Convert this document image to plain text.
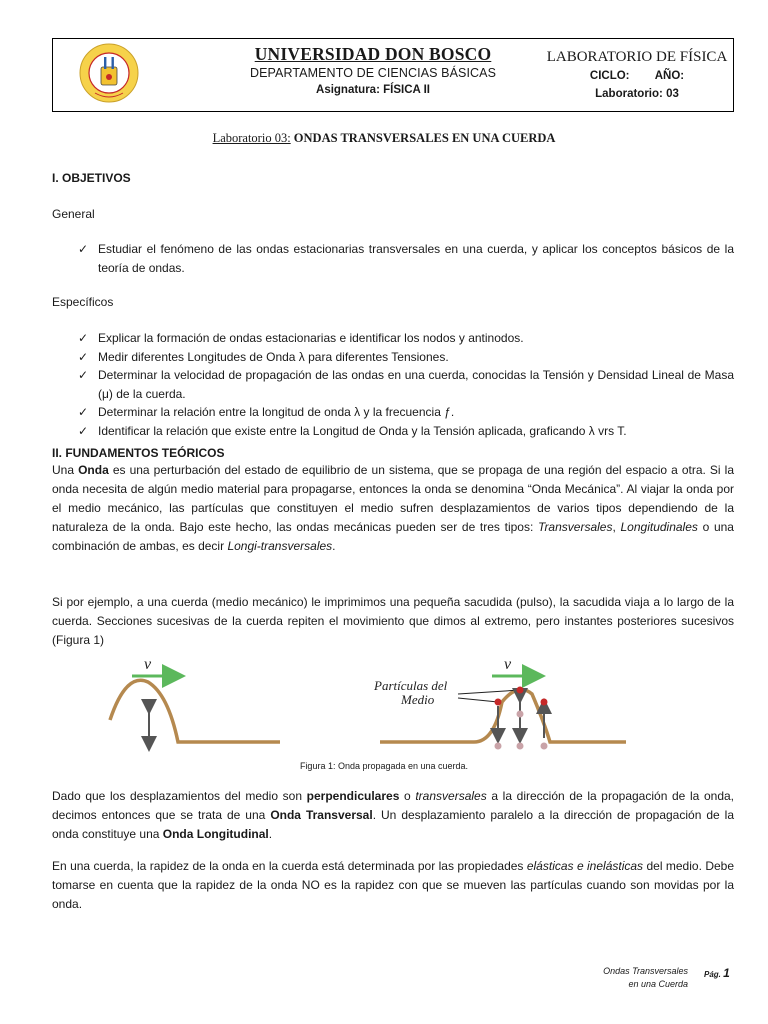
UNIVERSIDAD DON BOSCO
DEPARTAMENTO DE CIENCIAS BÁSICAS
Asignatura: FÍSICA II
LABORATORIO DE FÍSICA
CICLO: AÑO:
Laboratorio: 03
Laboratorio 03: ONDAS TRANSVERSALES EN UNA CUERDA
I. OBJETIVOS
General
✓ Estudiar el fenómeno de las ondas estacionarias transversales en una cuerda, y aplicar los conceptos básicos de la teoría de ondas.
Específicos
✓ Explicar la formación de ondas estacionarias e identificar los nodos y antinodos.
✓ Medir diferentes Longitudes de Onda λ para diferentes Tensiones.
✓ Determinar la velocidad de propagación de las ondas en una cuerda, conocidas la Tensión y Densidad Lineal de Masa (μ) de la cuerda.
✓ Determinar la relación entre la longitud de onda λ y la frecuencia ƒ.
✓ Identificar la relación que existe entre la Longitud de Onda y la Tensión aplicada, graficando λ vrs T.
II. FUNDAMENTOS TEÓRICOS
Una Onda es una perturbación del estado de equilibrio de un sistema, que se propaga de una región del espacio a otra. Si la onda necesita de algún medio material para propagarse, entonces la onda se denomina “Onda Mecánica”. Al viajar la onda por el medio mecánico, las partículas que constituyen el medio sufren desplazamientos de varios tipos dependiendo de la naturaleza de la onda. Bajo este hecho, las ondas mecánicas pueden ser de tres tipos: Transversales, Longitudinales o una combinación de ambas, es decir Longi-transversales.
Si por ejemplo, a una cuerda (medio mecánico) le imprimimos una pequeña sacudida (pulso), la sacudida viaja a lo largo de la cuerda. Secciones sucesivas de la cuerda repiten el movimiento que dimos al extremo, pero instantes posteriores sucesivos (Figura 1)
v	v
Partículas del
Medio
Figura 1: Onda propagada en una cuerda.
Dado que los desplazamientos del medio son perpendiculares o transversales a la dirección de la propagación de la onda, decimos entonces que se trata de una Onda Transversal. Un desplazamiento paralelo a la dirección de propagación de la onda constituye una Onda Longitudinal.
En una cuerda, la rapidez de la onda en la cuerda está determinada por las propiedades elásticas e inelásticas del medio. Debe tomarse en cuenta que la rapidez de la onda NO es la rapidez con que se mueven las partículas cuando son movidas por la onda.
Ondas Transversales
en una Cuerda
Pág. 1
